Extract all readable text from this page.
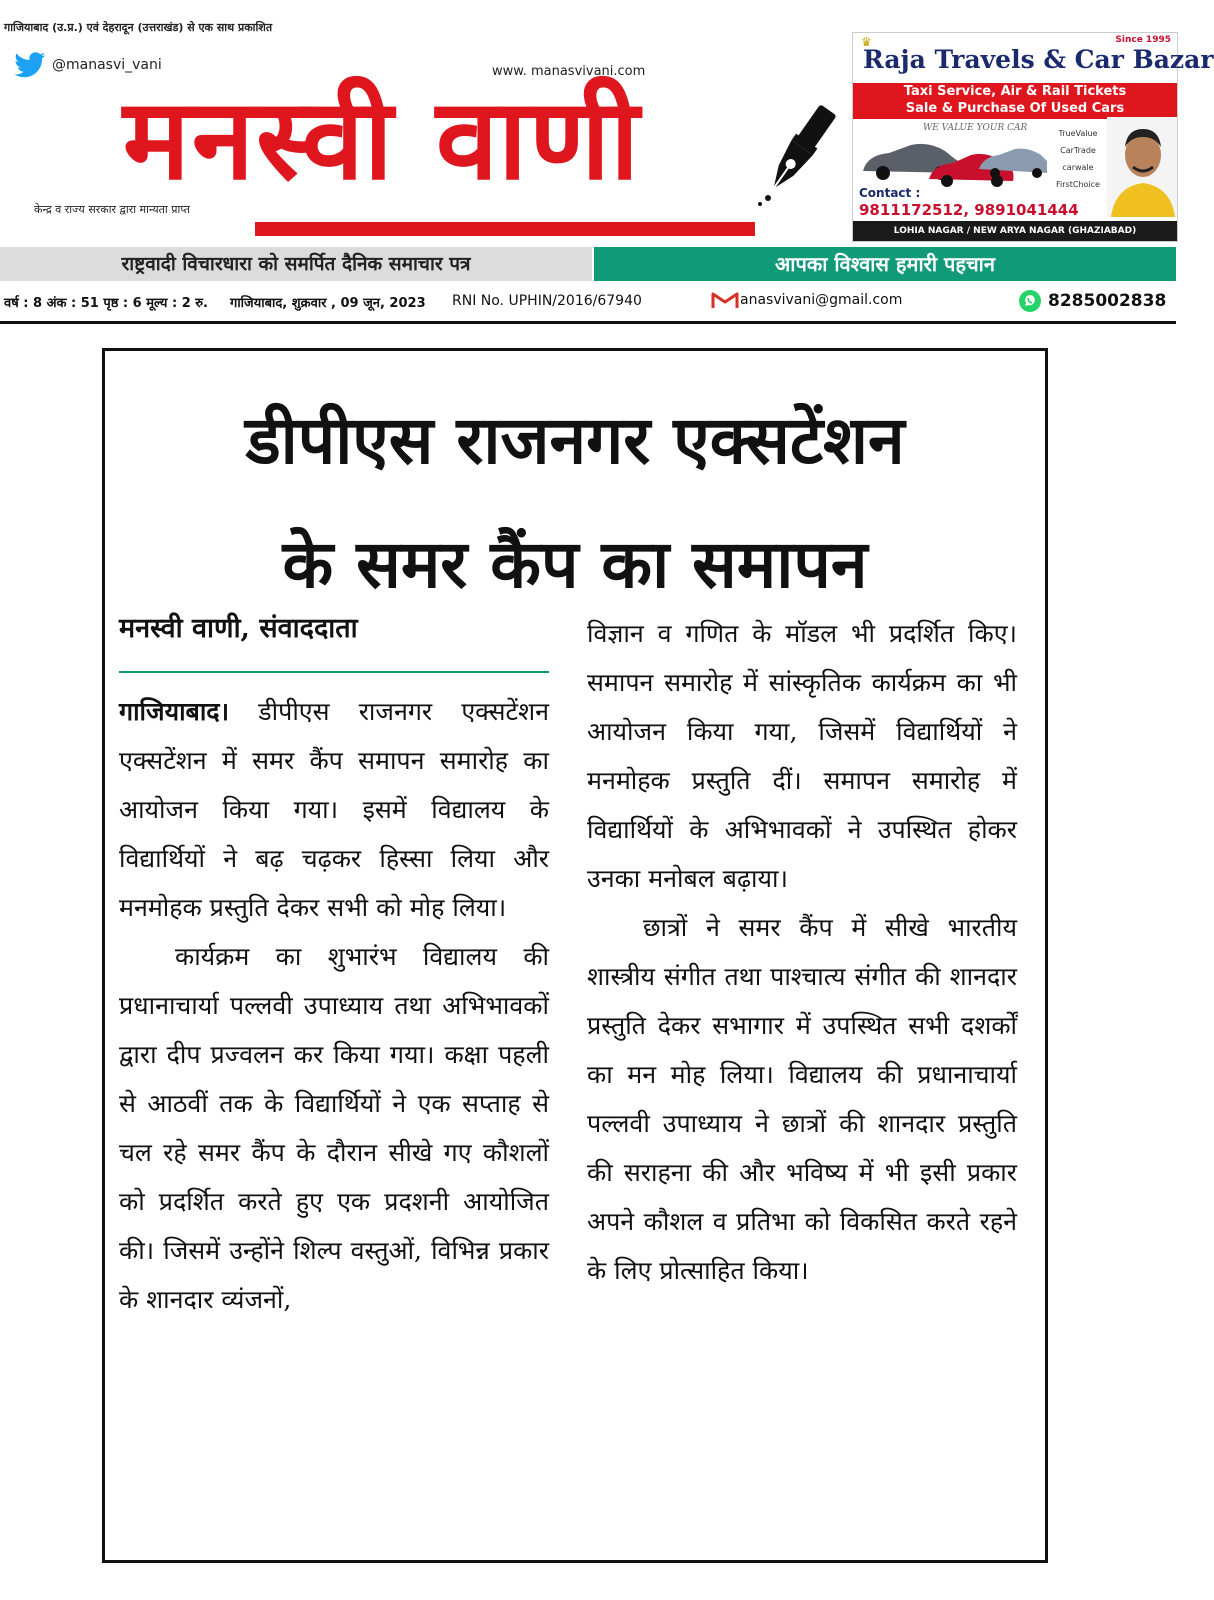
गाजियाबाद (उ.प्र.) एवं देहरादून (उत्तराखंड) से एक साथ प्रकाशित
@manasvi_vani	www. manasvivani.com
मनस्वी वाणी
केन्द्र व राज्य सरकार द्वारा मान्यता प्राप्त
♛	Since 1995
Raja Travels & Car Bazar
Taxi Service, Air & Rail Tickets
Sale & Purchase Of Used Cars
WE VALUE YOUR CAR
TrueValue
CarTrade
carwale
FirstChoice
Contact :
9811172512, 9891041444
LOHIA NAGAR / NEW ARYA NAGAR (GHAZIABAD)
राष्ट्रवादी विचारधारा को समर्पित दैनिक समाचार पत्र	आपका विश्वास हमारी पहचान
वर्ष : 8 अंक : 51 पृष्ठ : 6 मूल्य : 2 रु. गाजियाबाद, शुक्रवार , 09 जून, 2023 RNI No. UPHIN/2016/67940	anasvivani@gmail.com	8285002838
डीपीएस राजनगर एक्सटेंशन
के समर कैंप का समापन

मनस्वी वाणी, संवाददाता

गाजियाबाद। डीपीएस राजनगर एक्सटेंशन एक्सटेंशन में समर कैंप समापन समारोह का आयोजन किया गया। इसमें विद्यालय के विद्यार्थियों ने बढ़ चढ़कर हिस्सा लिया और मनमोहक प्रस्तुति देकर सभी को मोह लिया।

कार्यक्रम का शुभारंभ विद्यालय की प्रधानाचार्या पल्लवी उपाध्याय तथा अभिभावकों द्वारा दीप प्रज्वलन कर किया गया। कक्षा पहली से आठवीं तक के विद्यार्थियों ने एक सप्ताह से चल रहे समर कैंप के दौरान सीखे गए कौशलों को प्रदर्शित करते हुए एक प्रदशनी आयोजित की। जिसमें उन्होंने शिल्प वस्तुओं, विभिन्न प्रकार के शानदार व्यंजनों,

विज्ञान व गणित के मॉडल भी प्रदर्शित किए। समापन समारोह में सांस्कृतिक कार्यक्रम का भी आयोजन किया गया, जिसमें विद्यार्थियों ने मनमोहक प्रस्तुति दीं। समापन समारोह में विद्यार्थियों के अभिभावकों ने उपस्थित होकर उनका मनोबल बढ़ाया।

छात्रों ने समर कैंप में सीखे भारतीय शास्त्रीय संगीत तथा पाश्चात्य संगीत की शानदार प्रस्तुति देकर सभागार में उपस्थित सभी दशर्कों का मन मोह लिया। विद्यालय की प्रधानाचार्या पल्लवी उपाध्याय ने छात्रों की शानदार प्रस्तुति की सराहना की और भविष्य में भी इसी प्रकार अपने कौशल व प्रतिभा को विकसित करते रहने के लिए प्रोत्साहित किया।
